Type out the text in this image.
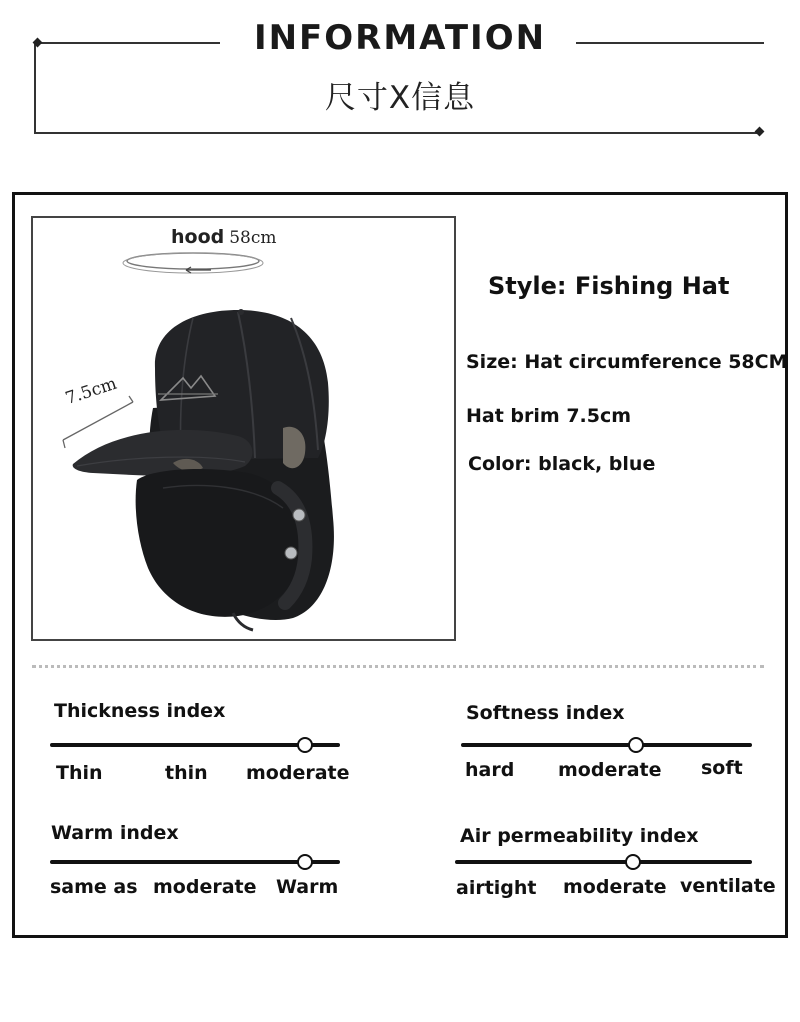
INFORMATION
尺寸X信息
hood 58cm
7.5cm
Style: Fishing Hat
Size: Hat circumference 58CM
Hat brim 7.5cm
Color: black, blue
Thickness index
Thin	thin moderate
Softness index
hard moderate soft
Warm index
same as moderate Warm
Air permeability index
airtight moderate ventilate
